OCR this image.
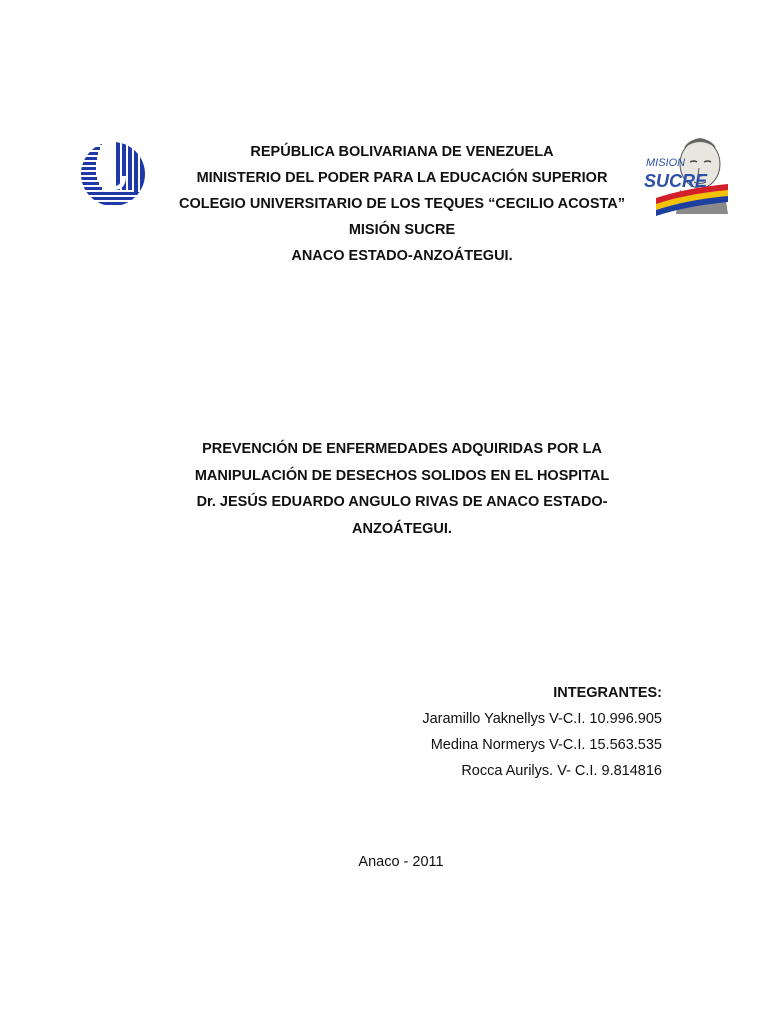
MISION
SUCRE
REPÚBLICA BOLIVARIANA DE VENEZUELA
MINISTERIO DEL PODER PARA LA EDUCACIÓN SUPERIOR
COLEGIO UNIVERSITARIO DE LOS TEQUES “CECILIO ACOSTA”
MISIÓN SUCRE
ANACO ESTADO-ANZOÁTEGUI.
PREVENCIÓN DE ENFERMEDADES ADQUIRIDAS POR LA
MANIPULACIÓN DE DESECHOS SOLIDOS EN EL HOSPITAL
Dr. JESÚS EDUARDO ANGULO RIVAS DE ANACO ESTADO-
ANZOÁTEGUI.
INTEGRANTES:
Jaramillo Yaknellys V-C.I. 10.996.905
Medina Normerys V-C.I. 15.563.535
Rocca Aurilys. V- C.I. 9.814816
Anaco - 2011
